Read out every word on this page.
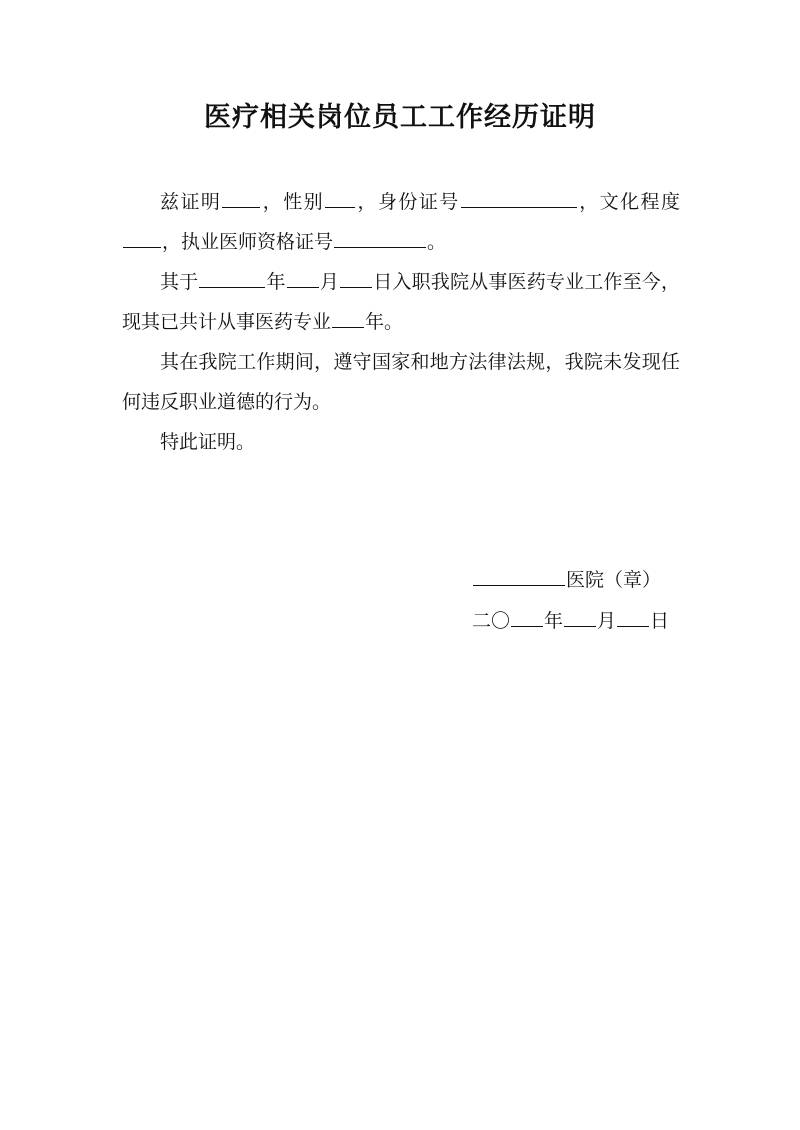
医疗相关岗位员工工作经历证明

兹证明 ，性别 ，身份证号	，文化程度，执业医师资格证号	。

其于	年 月 日入职我院从事医药专业工作至今，现其已共计从事医药专业 年。

其在我院工作期间，遵守国家和地方法律法规，我院未发现任何违反职业道德的行为。

特此证明。

医院（章）
二〇 年 月 日
